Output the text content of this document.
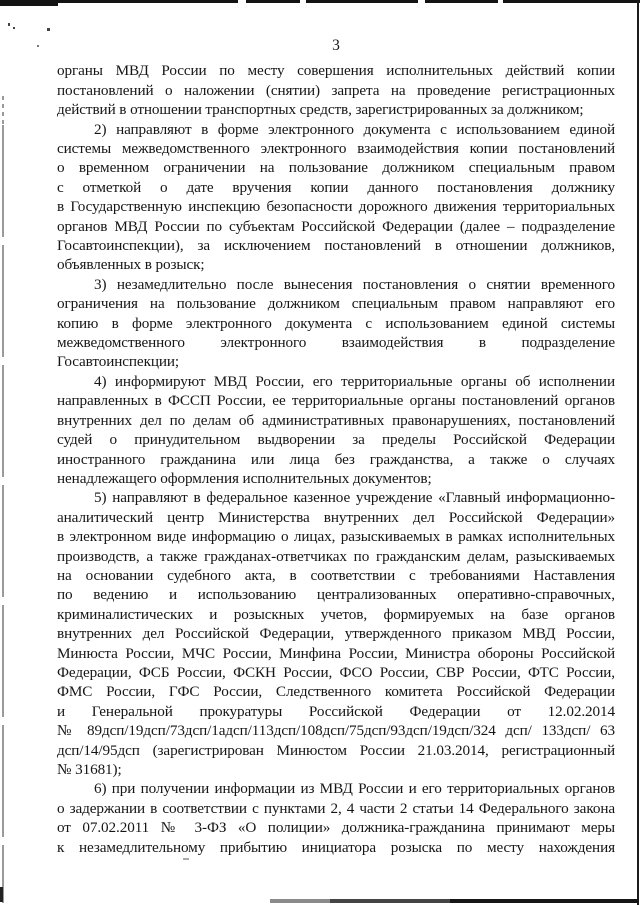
3
органы МВД России по месту совершения исполнительных действий копии
постановлений о наложении (снятии) запрета на проведение регистрационных
действий в отношении транспортных средств, зарегистрированных за должником;
2) направляют в форме электронного документа с использованием единой
системы межведомственного электронного взаимодействия копии постановлений
о временном ограничении на пользование должником специальным правом
с отметкой о дате вручения копии данного постановления должнику
в Государственную инспекцию безопасности дорожного движения территориальных
органов МВД России по субъектам Российской Федерации (далее – подразделение
Госавтоинспекции), за исключением постановлений в отношении должников,
объявленных в розыск;
3) незамедлительно после вынесения постановления о снятии временного
ограничения на пользование должником специальным правом направляют его
копию в форме электронного документа с использованием единой системы
межведомственного электронного взаимодействия в подразделение
Госавтоинспекции;
4) информируют МВД России, его территориальные органы об исполнении
направленных в ФССП России, ее территориальные органы постановлений органов
внутренних дел по делам об административных правонарушениях, постановлений
судей о принудительном выдворении за пределы Российской Федерации
иностранного гражданина или лица без гражданства, а также о случаях
ненадлежащего оформления исполнительных документов;
5) направляют в федеральное казенное учреждение «Главный информационно-
аналитический центр Министерства внутренних дел Российской Федерации»
в электронном виде информацию о лицах, разыскиваемых в рамках исполнительных
производств, а также гражданах-ответчиках по гражданским делам, разыскиваемых
на основании судебного акта, в соответствии с требованиями Наставления
по ведению и использованию централизованных оперативно-справочных,
криминалистических и розыскных учетов, формируемых на базе органов
внутренних дел Российской Федерации, утвержденного приказом МВД России,
Минюста России, МЧС России, Минфина России, Министра обороны Российской
Федерации, ФСБ России, ФСКН России, ФСО России, СВР России, ФТС России,
ФМС России, ГФС России, Следственного комитета Российской Федерации
и Генеральной прокуратуры Российской Федерации от 12.02.2014
№ 89дсп/19дсп/73дсп/1адсп/113дсп/108дсп/75дсп/93дсп/19дсп/324 дсп/ 133дсп/ 63
дсп/14/95дсп (зарегистрирован Минюстом России 21.03.2014, регистрационный
№ 31681);
6) при получении информации из МВД России и его территориальных органов
о задержании в соответствии с пунктами 2, 4 части 2 статьи 14 Федерального закона
от 07.02.2011 № 3-ФЗ «О полиции» должника-гражданина принимают меры
к незамедлительному прибытию инициатора розыска по месту нахождения
